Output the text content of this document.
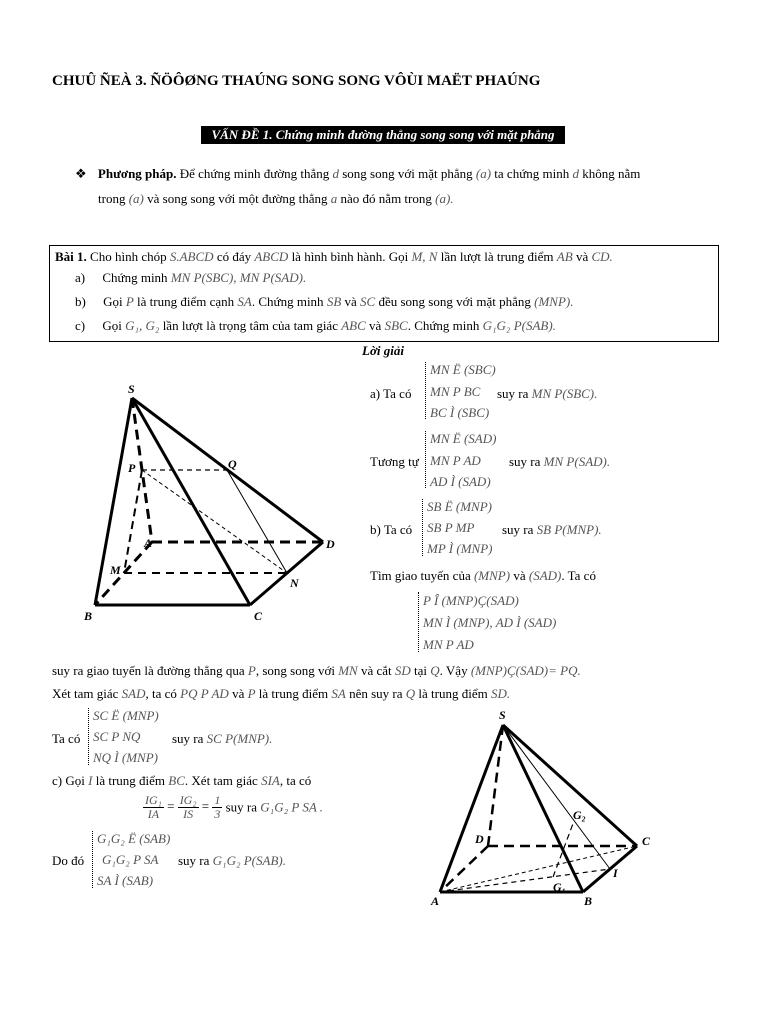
CHUÛ ÑEÀ 3. ÑÖÔØNG THAÚNG SONG SONG VÔÙI MAËT PHAÚNG
VẤN ĐỀ 1. Chứng minh đường thẳng song song với mặt phẳng
❖ Phương pháp. Để chứng minh đường thẳng d song song với mặt phẳng (a) ta chứng minh d không nằm
trong (a) và song song với một đường thẳng a nào đó nằm trong (a).
Bài 1. Cho hình chóp S.ABCD có đáy ABCD là hình bình hành. Gọi M, N lần lượt là trung điểm AB và CD.
a) Chứng minh MN P(SBC), MN P(SAD).
b) Gọi P là trung điểm cạnh SA. Chứng minh SB và SC đều song song với mặt phẳng (MNP).
c) Gọi G₁, G₂ lần lượt là trọng tâm của tam giác ABC và SBC. Chứng minh G₁G₂ P(SAB).
Lời giải
S
P	Q
A	D
M
N
B	C
a) Ta có
MN Ë (SBC)
MN P BC
BC Ì (SBC)
suy ra MN P(SBC).
Tương tự
MN Ë (SAD)
MN P AD
AD Ì (SAD)
suy ra MN P(SAD).
b) Ta có
SB Ë (MNP)
SB P MP
MP Ì (MNP)
suy ra SB P(MNP).
Tìm giao tuyến của (MNP) và (SAD). Ta có
P Î (MNP)Ç(SAD)
MN Ì (MNP), AD Ì (SAD)
MN P AD
suy ra giao tuyến là đường thẳng qua P, song song với MN và cắt SD tại Q. Vậy (MNP)Ç(SAD)= PQ.
Xét tam giác SAD, ta có PQ P AD và P là trung điểm SA nên suy ra Q là trung điểm SD.
Ta có
SC Ë (MNP)
SC P NQ
NQ Ì (MNP)
suy ra SC P(MNP).
c) Gọi I là trung điểm BC. Xét tam giác SIA, ta có
$\frac{\text{IG₁}}{IA} = \frac{\text{IG₂}}{IS} = \frac{1}{3}$ suy ra G₁G₂ P SA .
Do đó
G₁G₂ Ë (SAB)
G₁G₂ P SA
SA Ì (SAB)
suy ra G₁G₂ P(SAB).
S
G₂
D	C
I
G₁
A	B
